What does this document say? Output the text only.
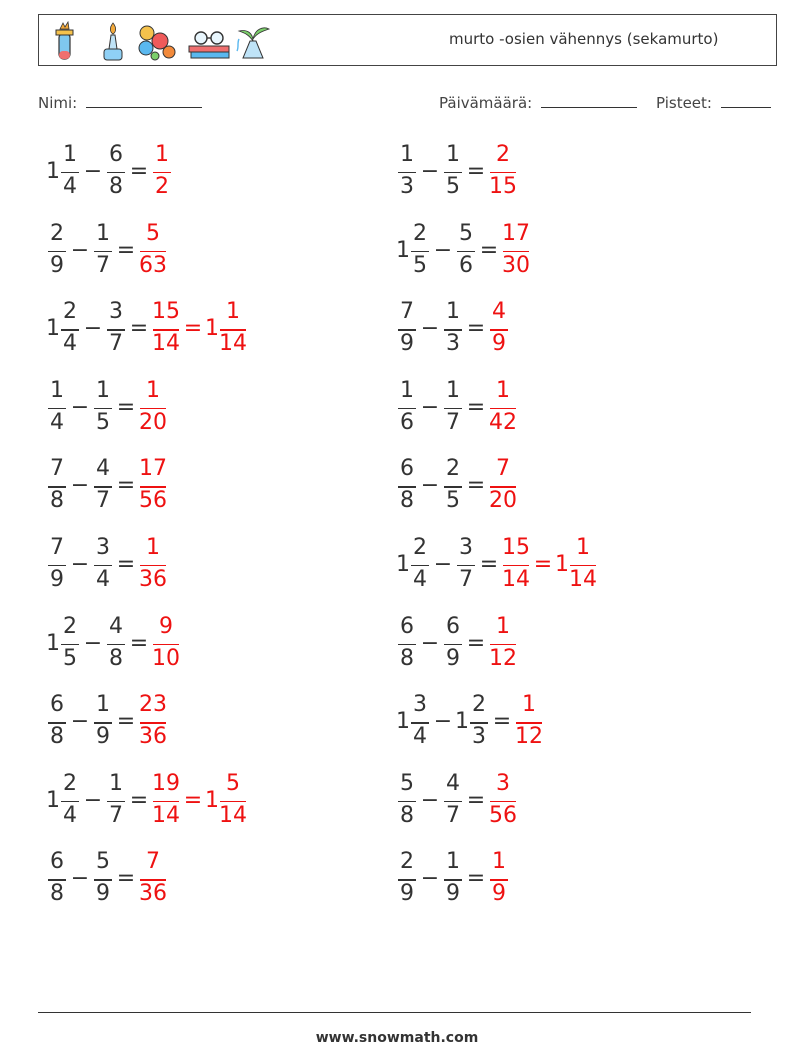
murto -osien vähennys (sekamurto)
Nimi:	Päivämäärä:	Pisteet:
1
1
4
−
6
8
=
1
2
1
3
−
1
5
=
2
15
2
9
−
1
7
=
5
63
1
2
5
−
5
6
=
17
30
1
2
4
−
3
7
=
15
14
= 1
1
14
7
9
−
1
3
=
4
9
1
4
−
1
5
=
1
20
1
6
−
1
7
=
1
42
7
8
−
4
7
=
17
56
6
8
−
2
5
=
7
20
7
9
−
3
4
=
1
36
1
2
4
−
3
7
=
15
14
= 1
1
14
1
2
5
−
4
8
=
9
10
6
8
−
6
9
=
1
12
6
8
−
1
9
=
23
36
1
3
4
− 1
2
3
=
1
12
1
2
4
−
1
7
=
19
14
= 1
5
14
5
8
−
4
7
=
3
56
6
8
−
5
9
=
7
36
2
9
−
1
9
=
1
9
www.snowmath.com
